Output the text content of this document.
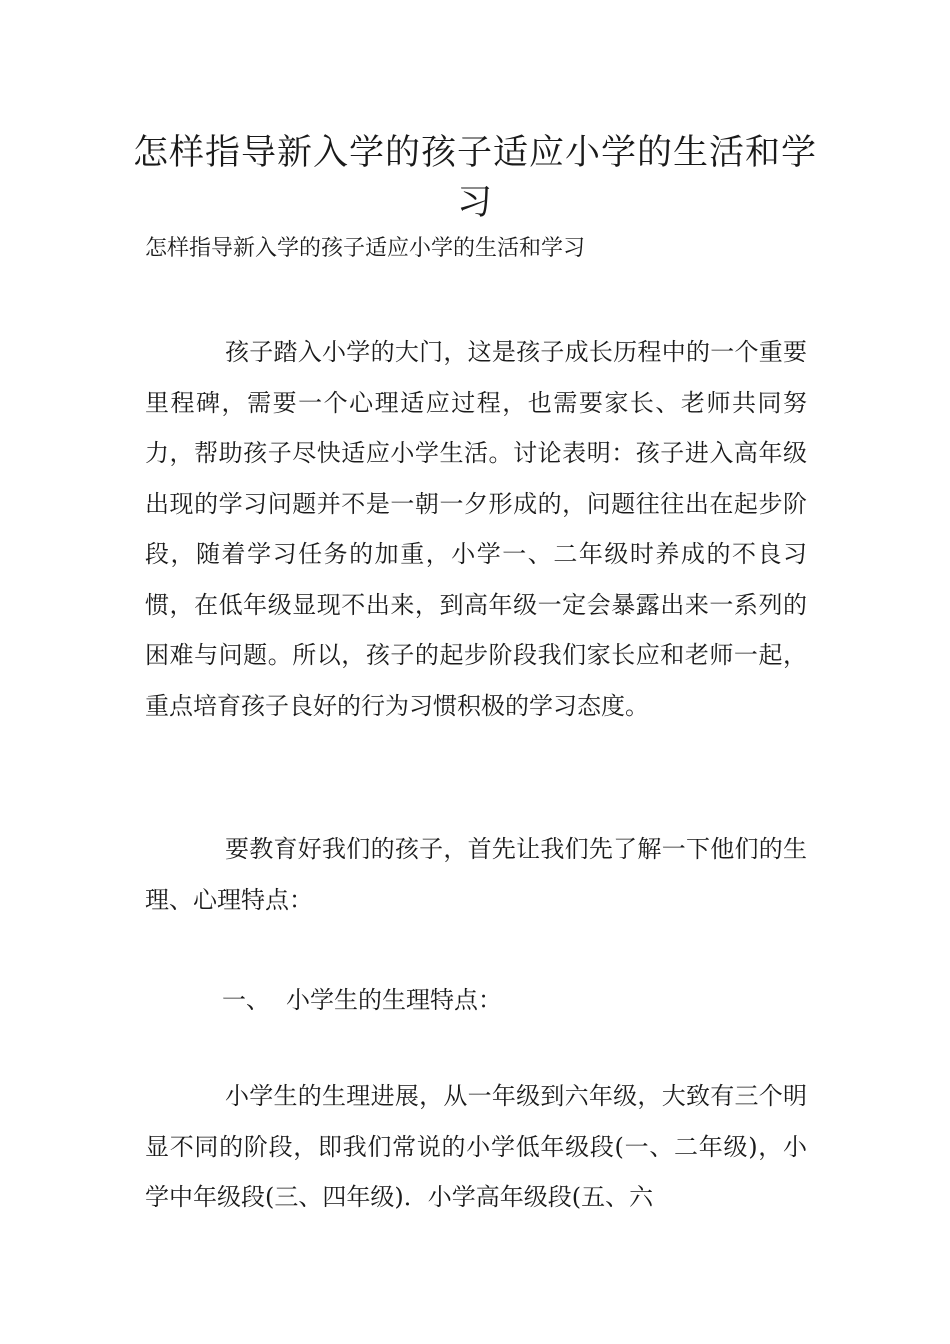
怎样指导新入学的孩子适应小学的生活和学习

怎样指导新入学的孩子适应小学的生活和学习

孩子踏入小学的大门，这是孩子成长历程中的一个重要里程碑，需要一个心理适应过程，也需要家长、老师共同努力，帮助孩子尽快适应小学生活。讨论表明：孩子进入高年级出现的学习问题并不是一朝一夕形成的，问题往往出在起步阶段，随着学习任务的加重，小学一、二年级时养成的不良习惯，在低年级显现不出来，到高年级一定会暴露出来一系列的困难与问题。所以，孩子的起步阶段我们家长应和老师一起，重点培育孩子良好的行为习惯积极的学习态度。

要教育好我们的孩子，首先让我们先了解一下他们的生理、心理特点：

一、 小学生的生理特点：

小学生的生理进展，从一年级到六年级，大致有三个明显不同的阶段，即我们常说的小学低年级段(一、二年级)，小学中年级段(三、四年级)．小学高年级段(五、六
